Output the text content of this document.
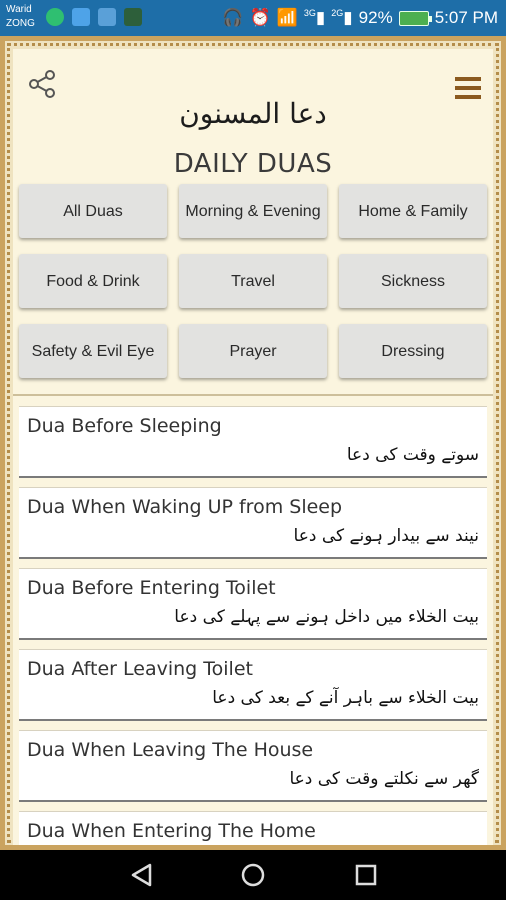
Warid
ZONG	🎧 ⏰ 📶 $^{3G}$▮ $^{2G}$▮ 92% 5:07 PM
دعا المسنون
DAILY DUAS
All Duas	Morning & Evening	Home & Family
Food & Drink	Travel	Sickness
Safety & Evil Eye	Prayer	Dressing
Dua Before Sleeping
سوتے وقت کی دعا
Dua When Waking UP from Sleep
نیند سے بیدار ہونے کی دعا
Dua Before Entering Toilet
بیت الخلاء میں داخل ہونے سے پہلے کی دعا
Dua After Leaving Toilet
بیت الخلاء سے باہر آنے کے بعد کی دعا
Dua When Leaving The House
گھر سے نکلتے وقت کی دعا
Dua When Entering The Home
